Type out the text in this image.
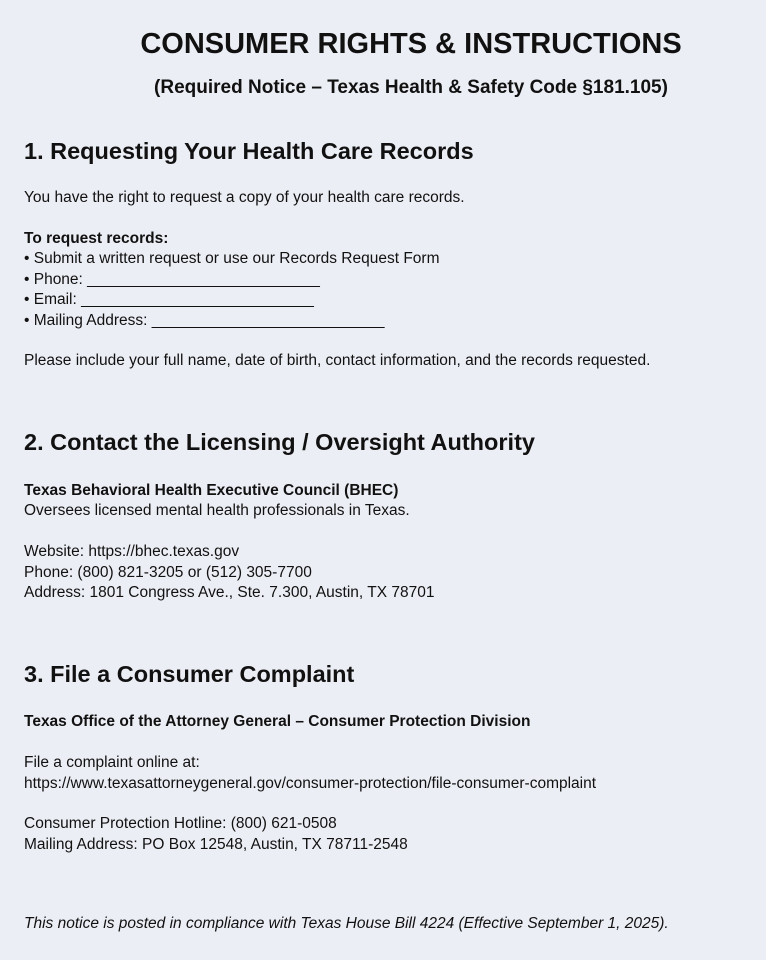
CONSUMER RIGHTS & INSTRUCTIONS

(Required Notice – Texas Health & Safety Code §181.105)

1. Requesting Your Health Care Records

You have the right to request a copy of your health care records.

To request records:

• Submit a written request or use our Records Request Form

• Phone: ___________________________

• Email: ___________________________

• Mailing Address: ___________________________

Please include your full name, date of birth, contact information, and the records requested.

2. Contact the Licensing / Oversight Authority

Texas Behavioral Health Executive Council (BHEC)

Oversees licensed mental health professionals in Texas.

Website: https://bhec.texas.gov

Phone: (800) 821-3205 or (512) 305-7700

Address: 1801 Congress Ave., Ste. 7.300, Austin, TX 78701

3. File a Consumer Complaint

Texas Office of the Attorney General – Consumer Protection Division

File a complaint online at:

https://www.texasattorneygeneral.gov/consumer-protection/file-consumer-complaint

Consumer Protection Hotline: (800) 621-0508

Mailing Address: PO Box 12548, Austin, TX 78711-2548

This notice is posted in compliance with Texas House Bill 4224 (Effective September 1, 2025).
